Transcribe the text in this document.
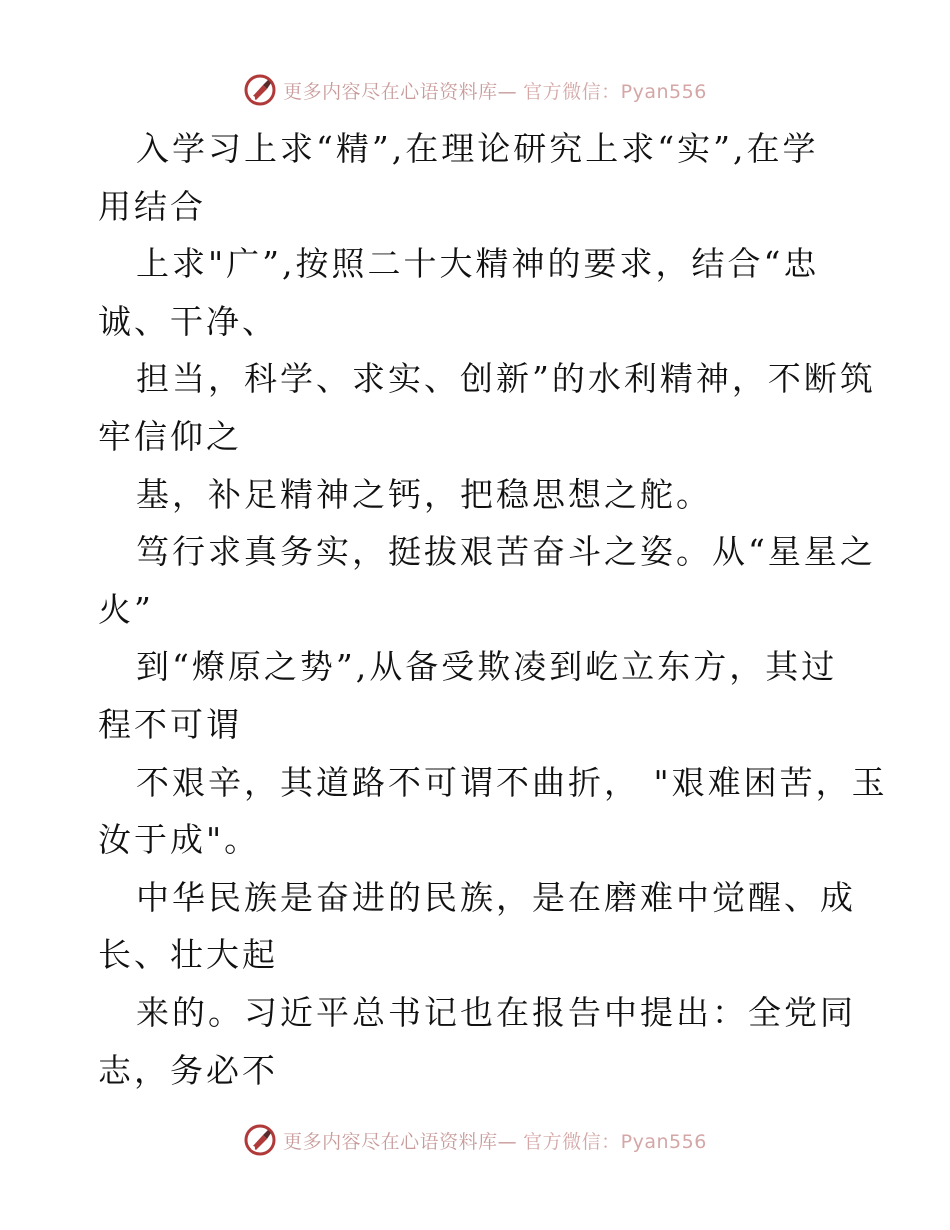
更多内容尽在心语资料库— 官方微信：Pyan556
入学习上求“精”,在理论研究上求“实”,在学
用结合
上求"广”,按照二十大精神的要求，结合“忠
诚、干净、
担当，科学、求实、创新”的水利精神，不断筑
牢信仰之
基，补足精神之钙，把稳思想之舵。
笃行求真务实，挺拔艰苦奋斗之姿。从“星星之
火”
到“燎原之势”,从备受欺凌到屹立东方，其过
程不可谓
不艰辛，其道路不可谓不曲折， "艰难困苦，玉
汝于成"。
中华民族是奋进的民族，是在磨难中觉醒、成
长、壮大起
来的。习近平总书记也在报告中提出：全党同
志，务必不
更多内容尽在心语资料库— 官方微信：Pyan556
